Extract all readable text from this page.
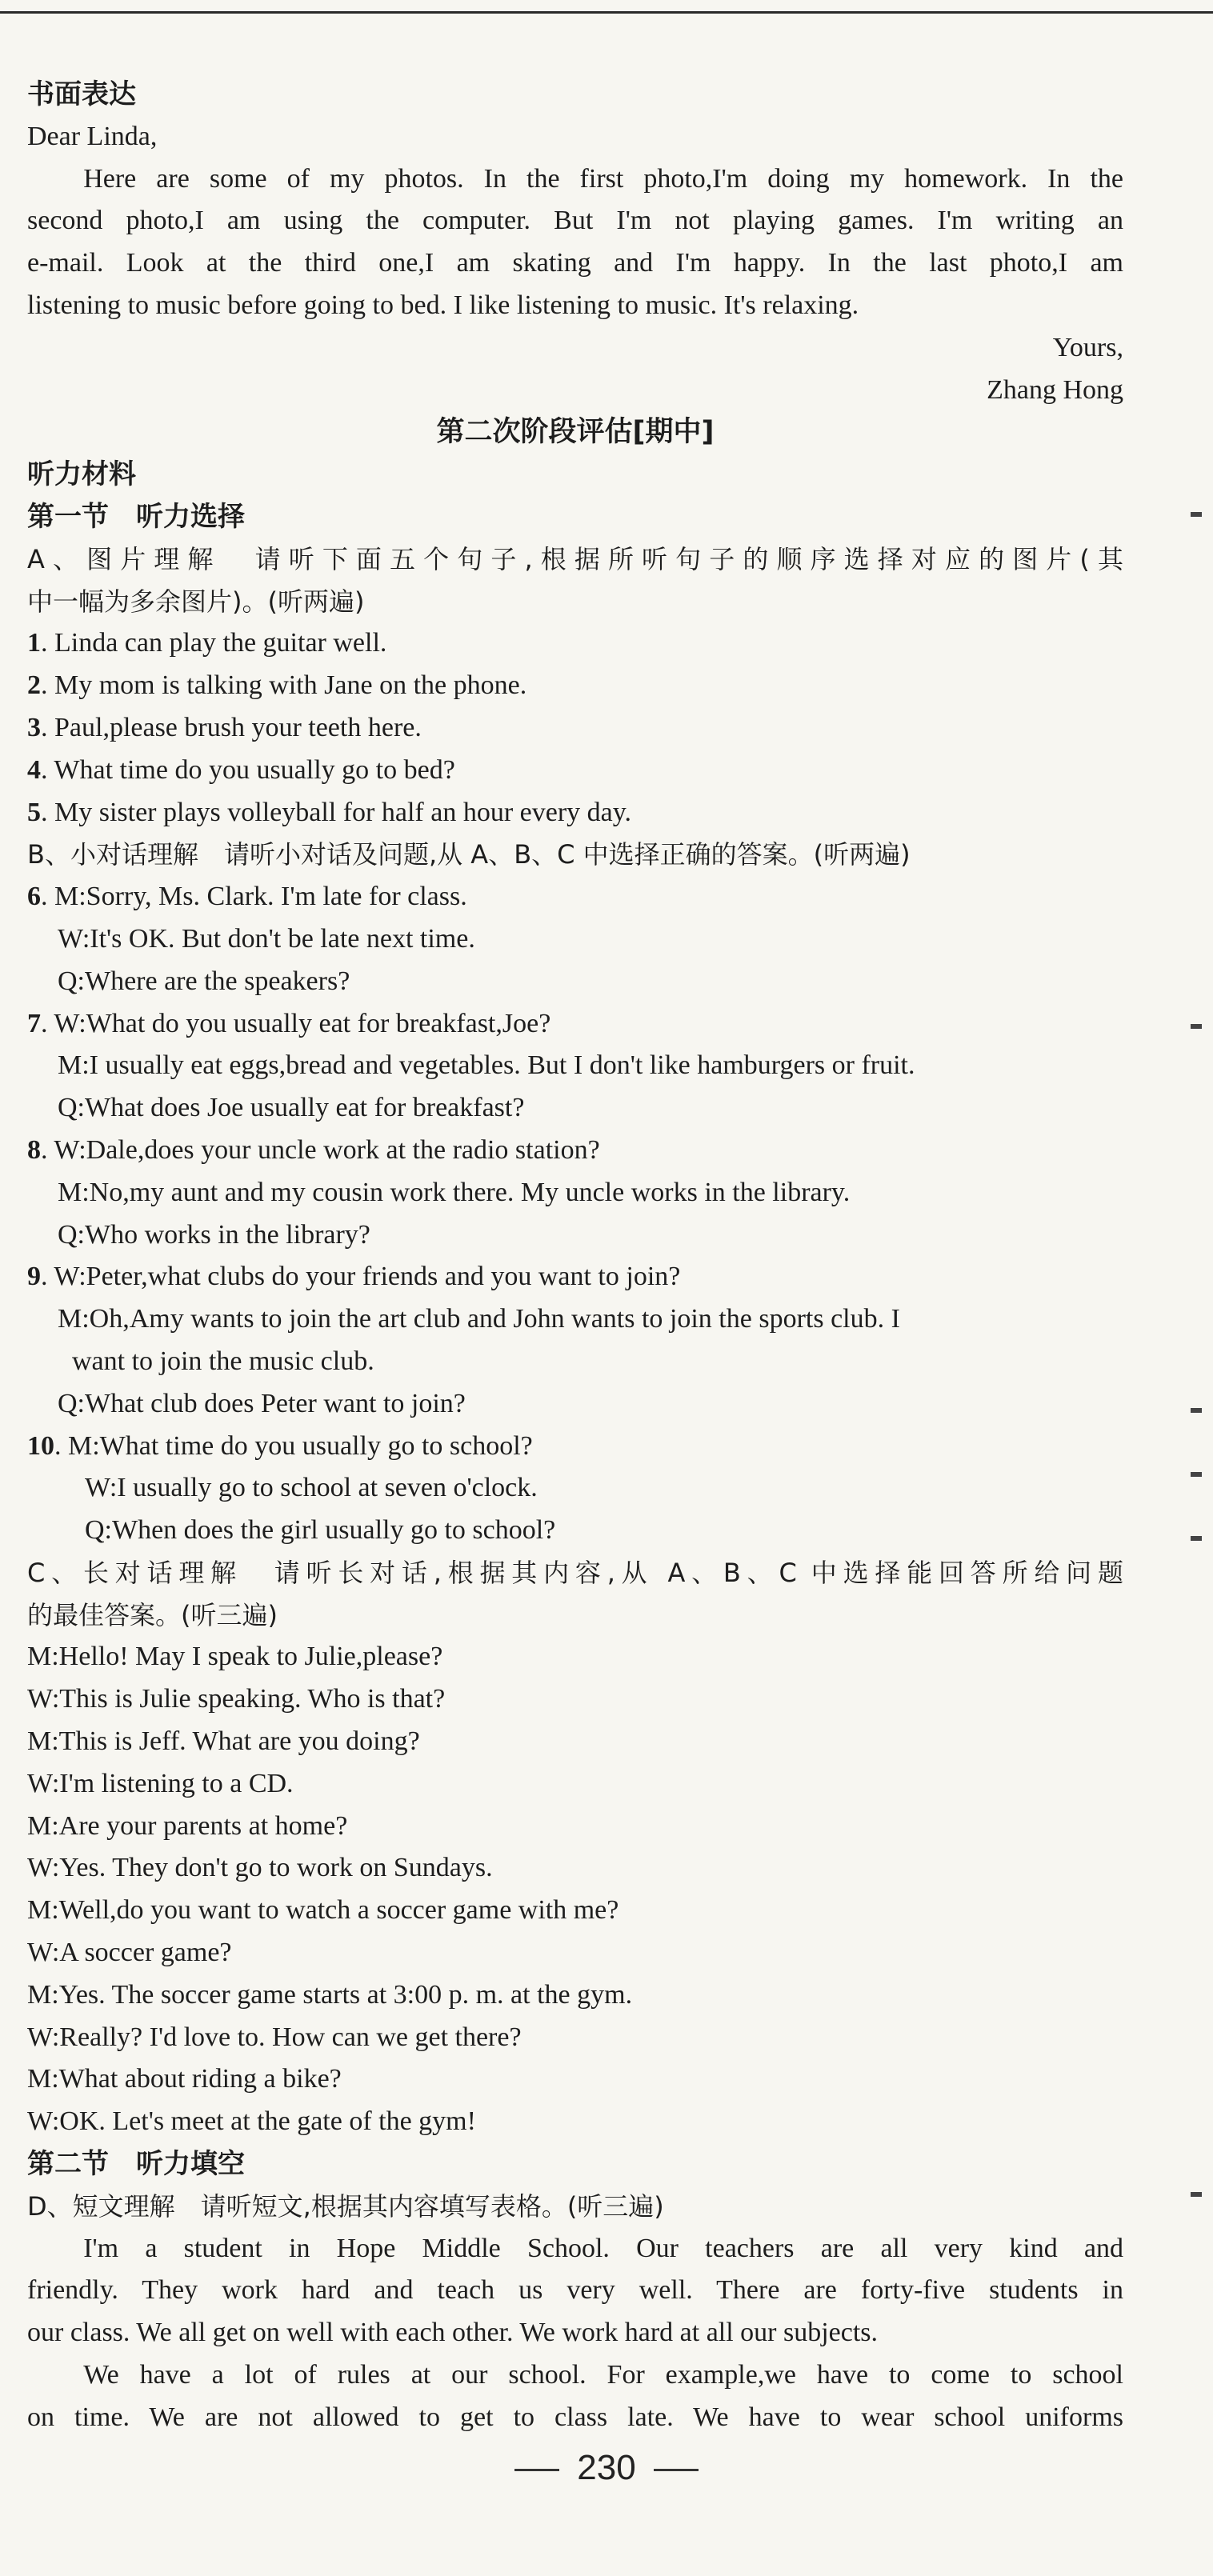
书面表达
Dear Linda,
Here are some of my photos. In the first photo,I'm doing my homework. In the
second photo,I am using the computer. But I'm not playing games. I'm writing an
e-mail. Look at the third one,I am skating and I'm happy. In the last photo,I am
listening to music before going to bed. I like listening to music. It's relaxing.
Yours,
Zhang Hong
第二次阶段评估[期中]
听力材料
第一节　听力选择
A、图片理解　请听下面五个句子,根据所听句子的顺序选择对应的图片(其
中一幅为多余图片)。(听两遍)
1. Linda can play the guitar well.
2. My mom is talking with Jane on the phone.
3. Paul,please brush your teeth here.
4. What time do you usually go to bed?
5. My sister plays volleyball for half an hour every day.
B、小对话理解　请听小对话及问题,从 A、B、C 中选择正确的答案。(听两遍)
6. M:Sorry, Ms. Clark. I'm late for class.
W:It's OK. But don't be late next time.
Q:Where are the speakers?
7. W:What do you usually eat for breakfast,Joe?
M:I usually eat eggs,bread and vegetables. But I don't like hamburgers or fruit.
Q:What does Joe usually eat for breakfast?
8. W:Dale,does your uncle work at the radio station?
M:No,my aunt and my cousin work there. My uncle works in the library.
Q:Who works in the library?
9. W:Peter,what clubs do your friends and you want to join?
M:Oh,Amy wants to join the art club and John wants to join the sports club. I
want to join the music club.
Q:What club does Peter want to join?
10. M:What time do you usually go to school?
W:I usually go to school at seven o'clock.
Q:When does the girl usually go to school?
C、长对话理解　请听长对话,根据其内容,从 A、B、C 中选择能回答所给问题
的最佳答案。(听三遍)
M:Hello! May I speak to Julie,please?
W:This is Julie speaking. Who is that?
M:This is Jeff. What are you doing?
W:I'm listening to a CD.
M:Are your parents at home?
W:Yes. They don't go to work on Sundays.
M:Well,do you want to watch a soccer game with me?
W:A soccer game?
M:Yes. The soccer game starts at 3:00 p. m. at the gym.
W:Really? I'd love to. How can we get there?
M:What about riding a bike?
W:OK. Let's meet at the gate of the gym!
第二节　听力填空
D、短文理解　请听短文,根据其内容填写表格。(听三遍)
I'm a student in Hope Middle School. Our teachers are all very kind and
friendly. They work hard and teach us very well. There are forty-five students in
our class. We all get on well with each other. We work hard at all our subjects.
We have a lot of rules at our school. For example,we have to come to school
on time. We are not allowed to get to class late. We have to wear school uniforms
230
